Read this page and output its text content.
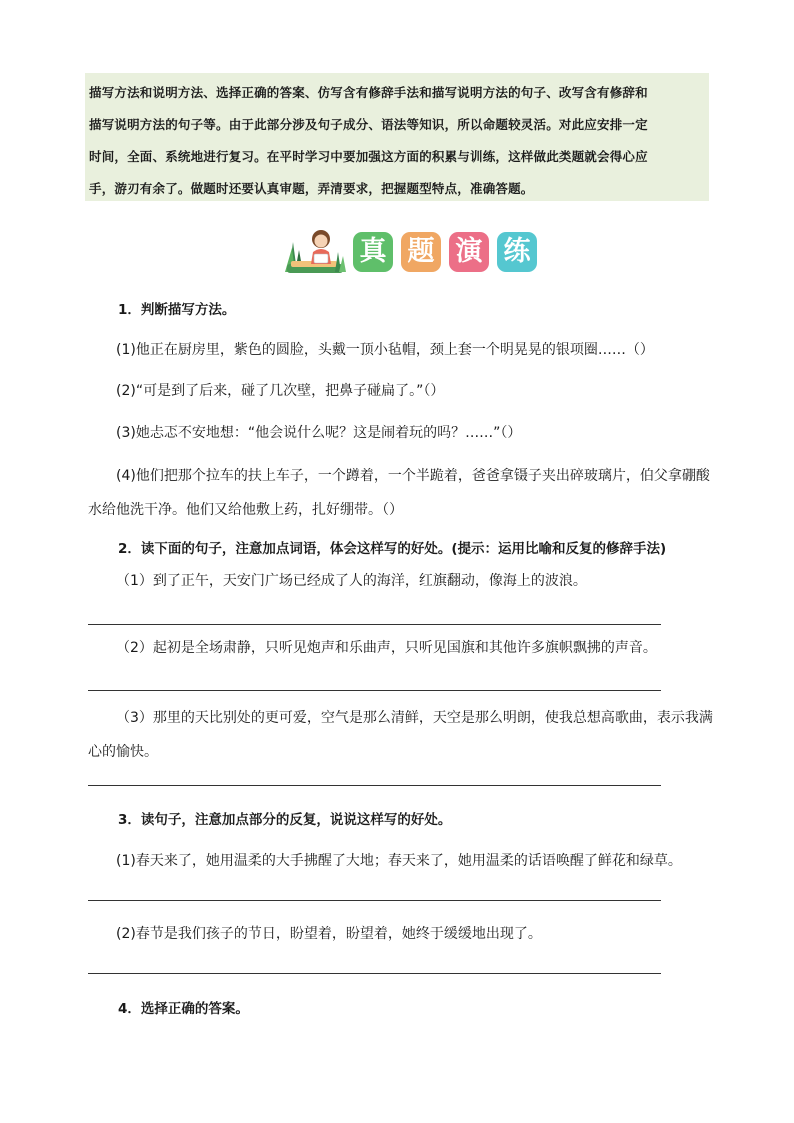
描写方法和说明方法、选择正确的答案、仿写含有修辞手法和描写说明方法的句子、改写含有修辞和
描写说明方法的句子等。由于此部分涉及句子成分、语法等知识，所以命题较灵活。对此应安排一定
时间，全面、系统地进行复习。在平时学习中要加强这方面的积累与训练，这样做此类题就会得心应
手，游刃有余了。做题时还要认真审题，弄清要求，把握题型特点，准确答题。
真 题 演 练
1．判断描写方法。
(1)他正在厨房里，紫色的圆脸，头戴一顶小毡帽，颈上套一个明晃晃的银项圈……（）
(2)“可是到了后来，碰了几次壁，把鼻子碰扁了。”（）
(3)她忐忑不安地想：“他会说什么呢？这是闹着玩的吗？……”（）
(4)他们把那个拉车的扶上车子，一个蹲着，一个半跪着，爸爸拿镊子夹出碎玻璃片，伯父拿硼酸
水给他洗干净。他们又给他敷上药，扎好绷带。（）
2．读下面的句子，注意加点词语，体会这样写的好处。(提示：运用比喻和反复的修辞手法)
（1）到了正午，天安门广场已经成了人的海洋，红旗翻动，像海上的波浪。
（2）起初是全场肃静，只听见炮声和乐曲声，只听见国旗和其他许多旗帜飘拂的声音。
（3）那里的天比别处的更可爱，空气是那么清鲜，天空是那么明朗，使我总想高歌曲，表示我满
心的愉快。
3．读句子，注意加点部分的反复，说说这样写的好处。
(1)春天来了，她用温柔的大手拂醒了大地；春天来了，她用温柔的话语唤醒了鲜花和绿草。
(2)春节是我们孩子的节日，盼望着，盼望着，她终于缓缓地出现了。
4．选择正确的答案。
